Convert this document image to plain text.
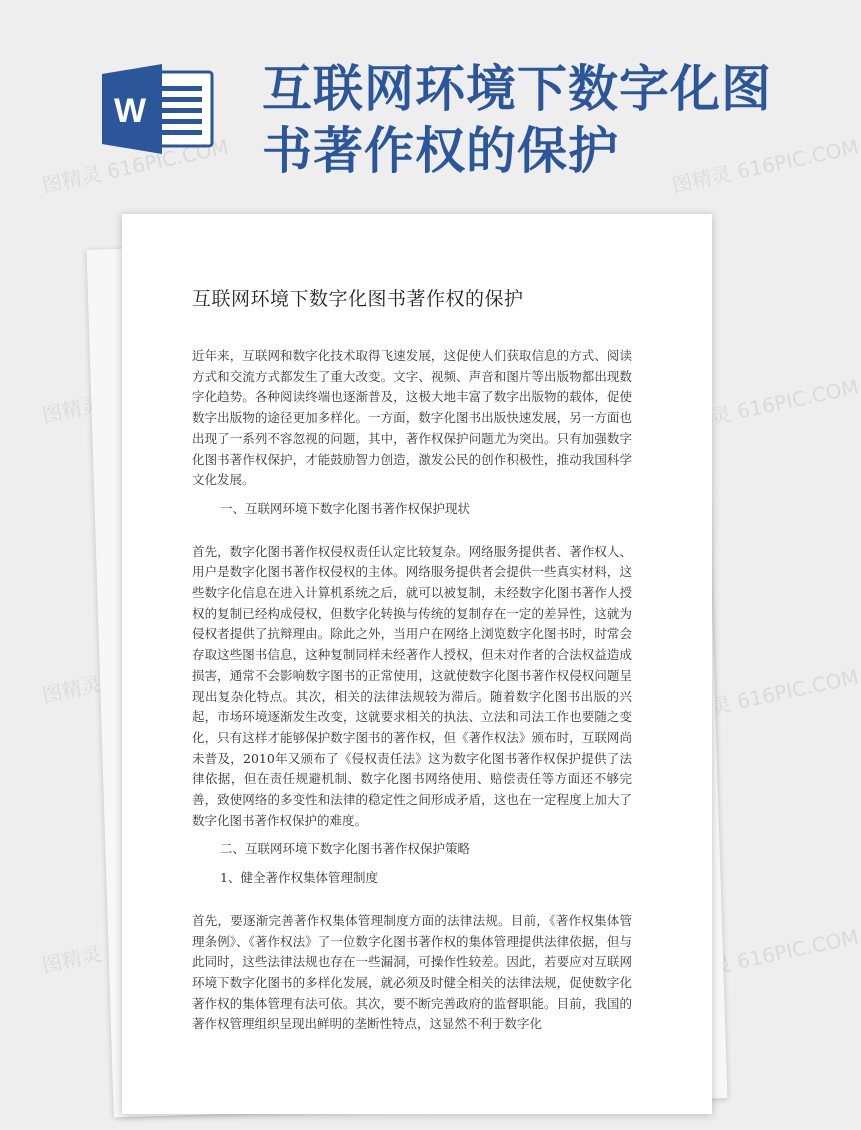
W 互联网环境下数字化图书著作权的保护
图精灵 616PIC.COM	图精灵 616PIC.COM
图精灵	图精灵 616PIC.COM
图精灵	图精灵 616PIC.COM
图精灵	图精灵 616PIC.COM
互联网环境下数字化图书著作权的保护

近年来，互联网和数字化技术取得飞速发展，这促使人们获取信息的方式、阅读方式和交流方式都发生了重大改变。文字、视频、声音和图片等出版物都出现数字化趋势。各种阅读终端也逐渐普及，这极大地丰富了数字出版物的载体，促使数字出版物的途径更加多样化。一方面，数字化图书出版快速发展，另一方面也出现了一系列不容忽视的问题，其中，著作权保护问题尤为突出。只有加强数字化图书著作权保护，才能鼓励智力创造，激发公民的创作积极性，推动我国科学文化发展。

一、互联网环境下数字化图书著作权保护现状

首先，数字化图书著作权侵权责任认定比较复杂。网络服务提供者、著作权人、用户是数字化图书著作权侵权的主体。网络服务提供者会提供一些真实材料，这些数字化信息在进入计算机系统之后，就可以被复制，未经数字化图书著作人授权的复制已经构成侵权，但数字化转换与传统的复制存在一定的差异性，这就为侵权者提供了抗辩理由。除此之外，当用户在网络上浏览数字化图书时，时常会存取这些图书信息，这种复制同样未经著作人授权，但未对作者的合法权益造成损害，通常不会影响数字图书的正常使用，这就使数字化图书著作权侵权问题呈现出复杂化特点。其次，相关的法律法规较为滞后。随着数字化图书出版的兴起，市场环境逐渐发生改变，这就要求相关的执法、立法和司法工作也要随之变化，只有这样才能够保护数字图书的著作权，但《著作权法》颁布时，互联网尚未普及，2010年又颁布了《侵权责任法》这为数字化图书著作权保护提供了法律依据，但在责任规避机制、数字化图书网络使用、赔偿责任等方面还不够完善，致使网络的多变性和法律的稳定性之间形成矛盾，这也在一定程度上加大了数字化图书著作权保护的难度。

二、互联网环境下数字化图书著作权保护策略

1、健全著作权集体管理制度

首先，要逐渐完善著作权集体管理制度方面的法律法规。目前，《著作权集体管理条例》、《著作权法》了一位数字化图书著作权的集体管理提供法律依据，但与此同时，这些法律法规也存在一些漏洞，可操作性较差。因此，若要应对互联网环境下数字化图书的多样化发展，就必须及时健全相关的法律法规，促使数字化著作权的集体管理有法可依。其次，要不断完善政府的监督职能。目前，我国的著作权管理组织呈现出鲜明的垄断性特点，这显然不利于数字化
